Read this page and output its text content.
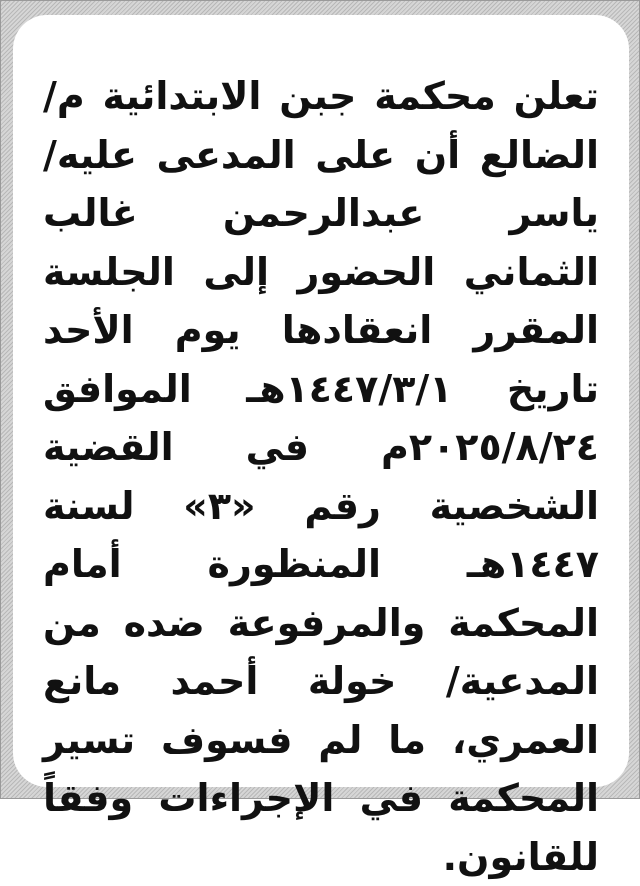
تعلن محكمة جبن الابتدائية م/ الضالع أن على المدعى عليه/ ياسر عبدالرحمن غالب الثماني الحضور إلى الجلسة المقرر انعقادها يوم الأحد تاريخ ١٤٤٧/٣/١هـ الموافق ٢٠٢٥/٨/٢٤م في القضية الشخصية رقم «٣» لسنة ١٤٤٧هـ المنظورة أمام المحكمة والمرفوعة ضده من المدعية/ خولة أحمد مانع العمري، ما لم فسوف تسير المحكمة في الإجراءات وفقاً للقانون.
